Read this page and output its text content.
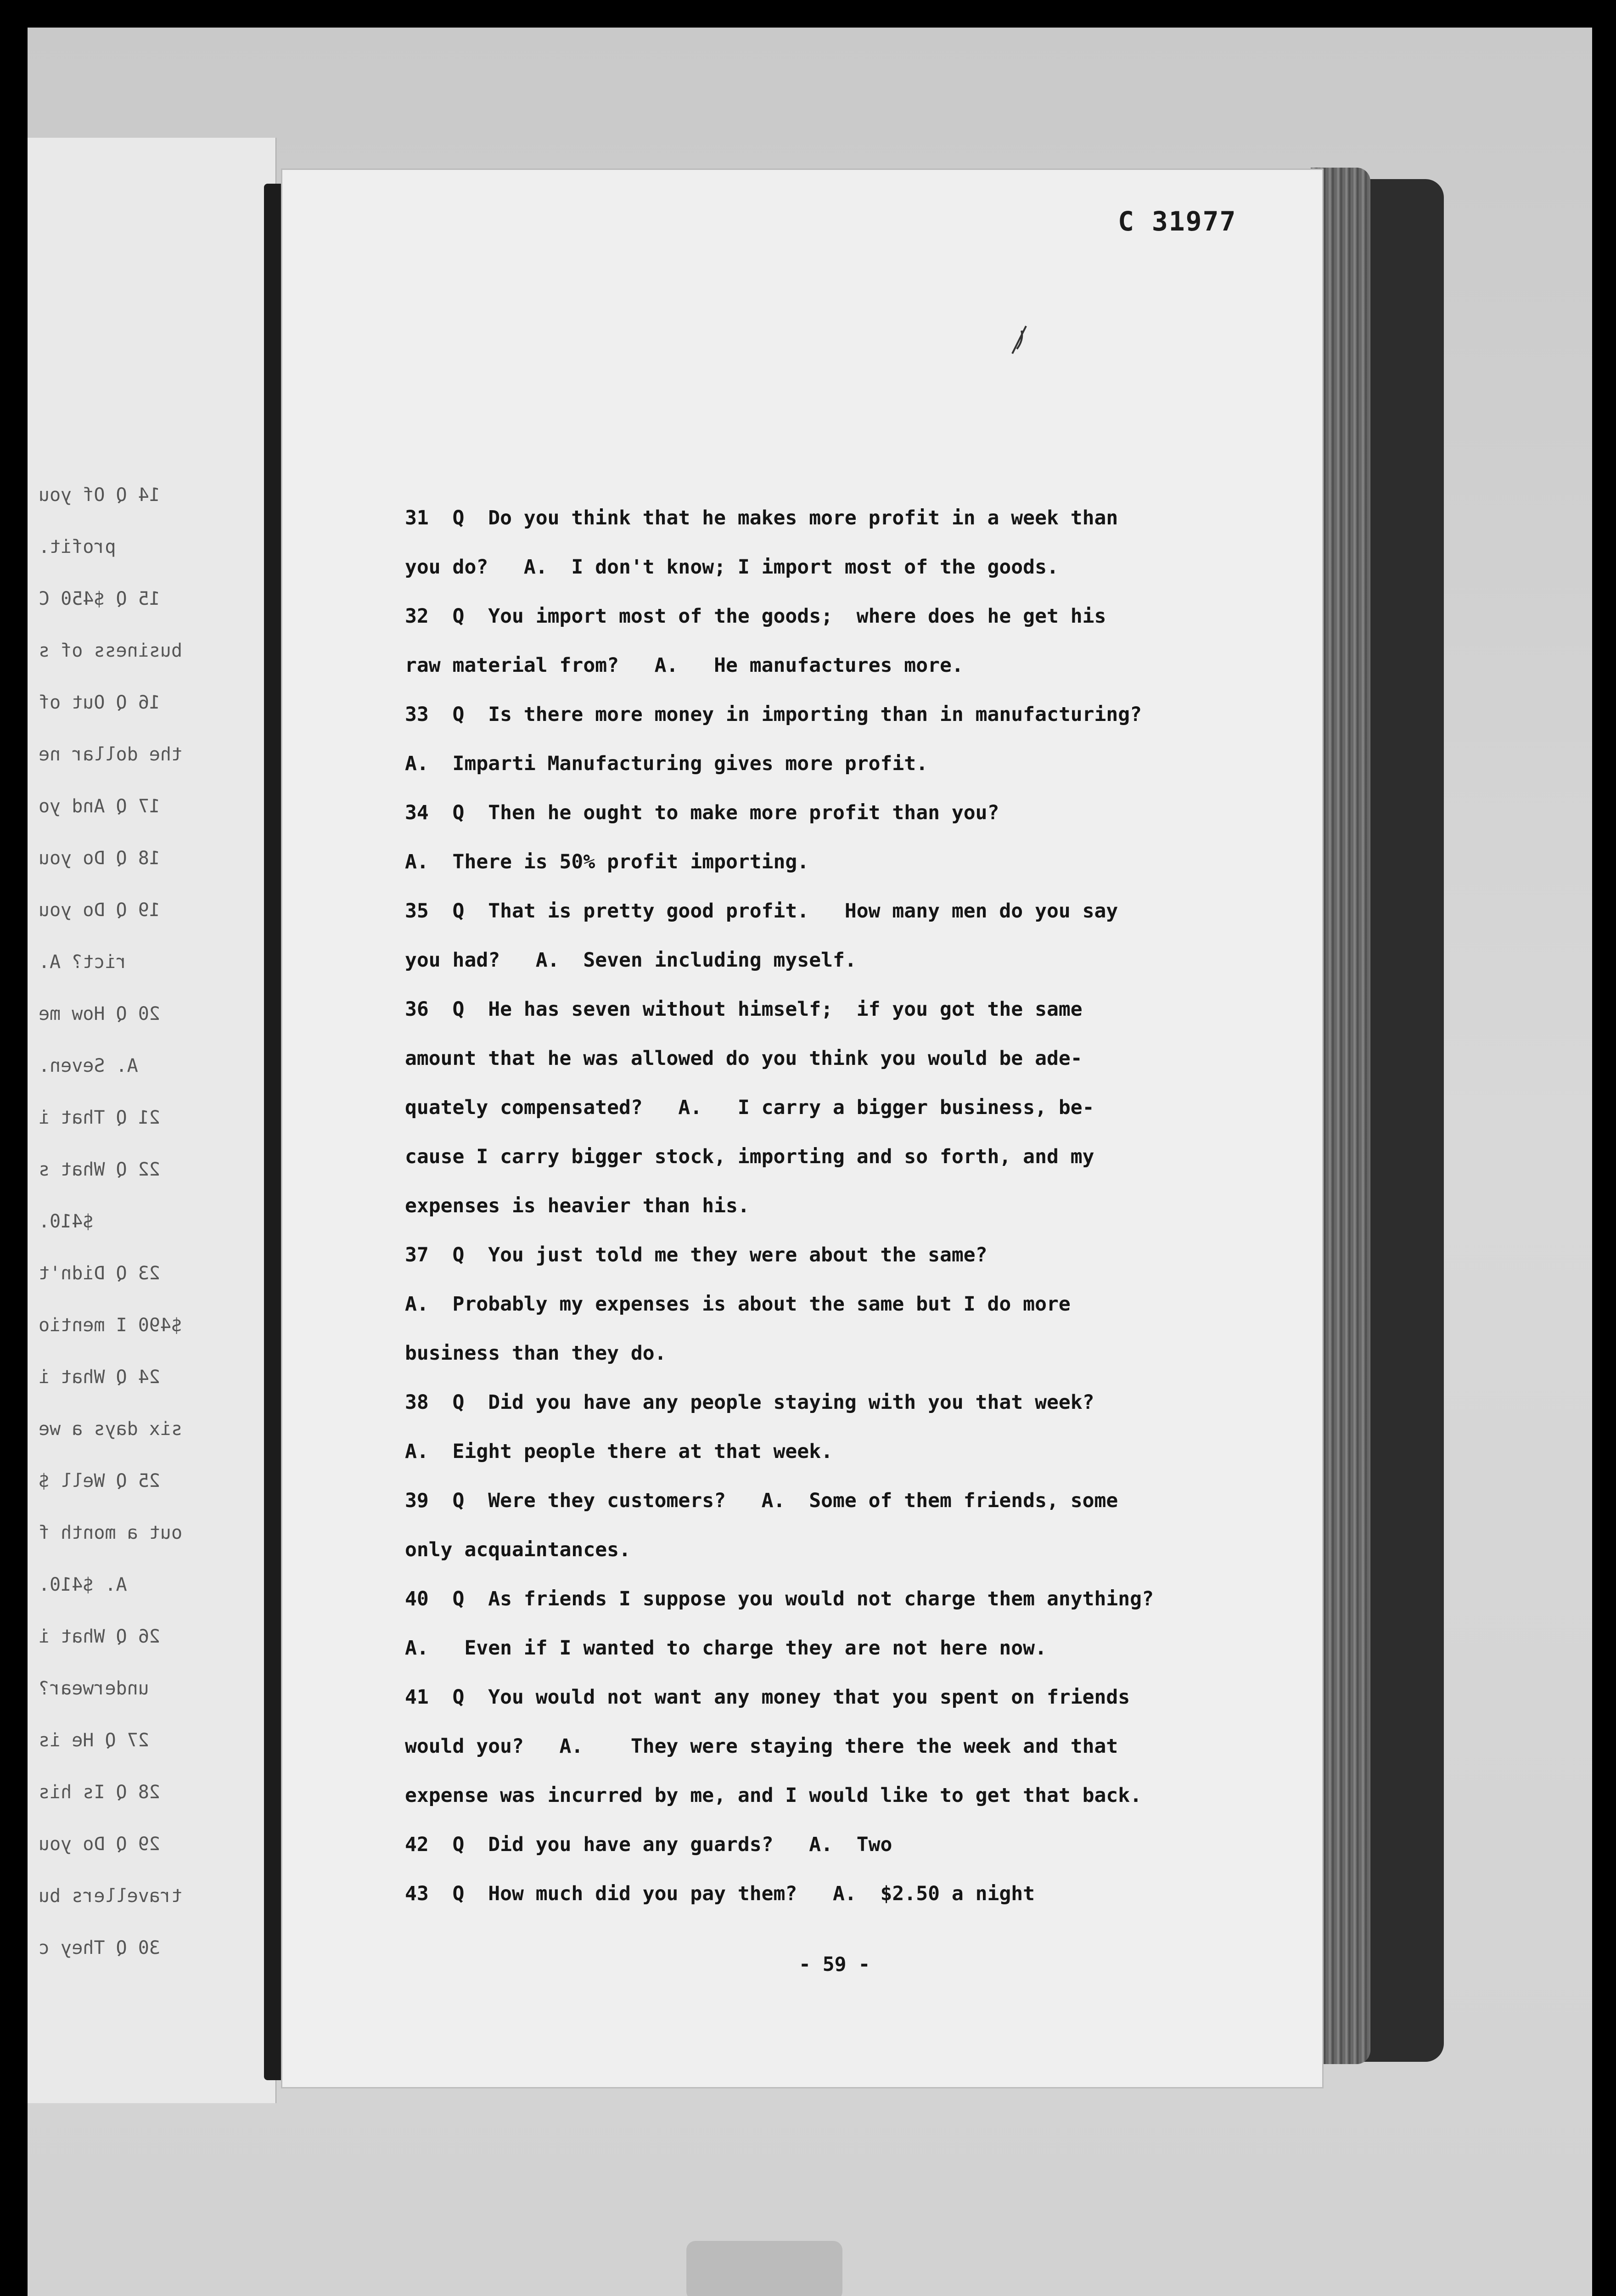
14 Q Of you
profit.
15 Q $450 C
business of s
16 Q Out of
the dollar ne
17 Q And yo
18 Q Do you
19 Q Do you
rict? A.
20 Q How me
A. Seven.
21 Q That i
22 Q What s
$410.
23 Q Didn't
$490 I mentio
24 Q What i
six days a we
25 Q Well $
out a month f
A. $410.
26 Q What i
underwear?
27 Q He is
28 Q Is his
29 Q Do you
travellers bu
30 Q They c
C 31977
31  Q  Do you think that he makes more profit in a week than
you do?   A.  I don't know; I import most of the goods.
32  Q  You import most of the goods;  where does he get his
raw material from?   A.   He manufactures more.
33  Q  Is there more money in importing than in manufacturing?
A.  Imparti Manufacturing gives more profit.
34  Q  Then he ought to make more profit than you?
A.  There is 50% profit importing.
35  Q  That is pretty good profit.   How many men do you say
you had?   A.  Seven including myself.
36  Q  He has seven without himself;  if you got the same
amount that he was allowed do you think you would be ade-
quately compensated?   A.   I carry a bigger business, be-
cause I carry bigger stock, importing and so forth, and my
expenses is heavier than his.
37  Q  You just told me they were about the same?
A.  Probably my expenses is about the same but I do more
business than they do.
38  Q  Did you have any people staying with you that week?
A.  Eight people there at that week.
39  Q  Were they customers?   A.  Some of them friends, some
only acquaintances.
40  Q  As friends I suppose you would not charge them anything?
A.   Even if I wanted to charge they are not here now.
41  Q  You would not want any money that you spent on friends
would you?   A.    They were staying there the week and that
expense was incurred by me, and I would like to get that back.
42  Q  Did you have any guards?   A.  Two
43  Q  How much did you pay them?   A.  $2.50 a night
- 59 -
